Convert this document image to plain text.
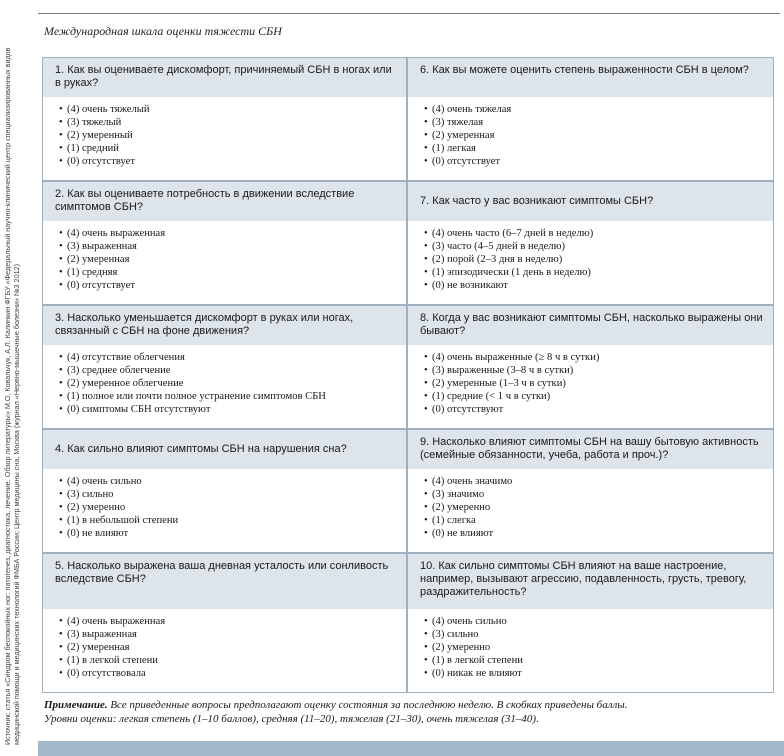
Источник: статья «Синдром беспокойных ног: патогенез, диагностика, лечение. Обзор литературы» М.О. Ковальчук, А.Л. Калинкин ФГБУ «Федеральный научно-клинический центр специализированных видов медицинской помощи и медицинских технологий ФМБА России; Центр медицины сна, Москва (журнал «Нервно-мышечные болезни» №3 2012)
Международная шкала оценки тяжести СБН
1. Как вы оцениваете дискомфорт, причиняемый СБН в ногах или в руках?
• (4) очень тяжелый
• (3) тяжелый
• (2) умеренный
• (1) средний
• (0) отсутствует
6. Как вы можете оценить степень выраженности СБН в целом?
• (4) очень тяжелая
• (3) тяжелая
• (2) умеренная
• (1) легкая
• (0) отсутствует
2. Как вы оцениваете потребность в движении вследствие симптомов СБН?
• (4) очень выраженная
• (3) выраженная
• (2) умеренная
• (1) средняя
• (0) отсутствует
7. Как часто у вас возникают симптомы СБН?
• (4) очень часто (6–7 дней в неделю)
• (3) часто (4–5 дней в неделю)
• (2) порой (2–3 дня в неделю)
• (1) эпизодически (1 день в неделю)
• (0) не возникают
3. Насколько уменьшается дискомфорт в руках или ногах, связанный с СБН на фоне движения?
• (4) отсутствие облегчения
• (3) среднее облегчение
• (2) умеренное облегчение
• (1) полное или почти полное устранение симптомов СБН
• (0) симптомы СБН отсутствуют
8. Когда у вас возникают симптомы СБН, насколько выражены они бывают?
• (4) очень выраженные (≥ 8 ч в сутки)
• (3) выраженные (3–8 ч в сутки)
• (2) умеренные (1–3 ч в сутки)
• (1) средние (< 1 ч в сутки)
• (0) отсутствуют
4. Как сильно влияют симптомы СБН на нарушения сна?
• (4) очень сильно
• (3) сильно
• (2) умеренно
• (1) в небольшой степени
• (0) не влияют
9. Насколько влияют симптомы СБН на вашу бытовую активность (семейные обязанности, учеба, работа и проч.)?
• (4) очень значимо
• (3) значимо
• (2) умеренно
• (1) слегка
• (0) не влияют
5. Насколько выражена ваша дневная усталость или сонливость вследствие СБН?
• (4) очень выраженная
• (3) выраженная
• (2) умеренная
• (1) в легкой степени
• (0) отсутствовала
10. Как сильно симптомы СБН влияют на ваше настроение, например, вызывают агрессию, подавленность, грусть, тревогу, раздражительность?
• (4) очень сильно
• (3) сильно
• (2) умеренно
• (1) в легкой степени
• (0) никак не влияют
Примечание. Все приведенные вопросы предполагают оценку состояния за последнюю неделю. В скобках приведены баллы.
Уровни оценки: легкая степень (1–10 баллов), средняя (11–20), тяжелая (21–30), очень тяжелая (31–40).
